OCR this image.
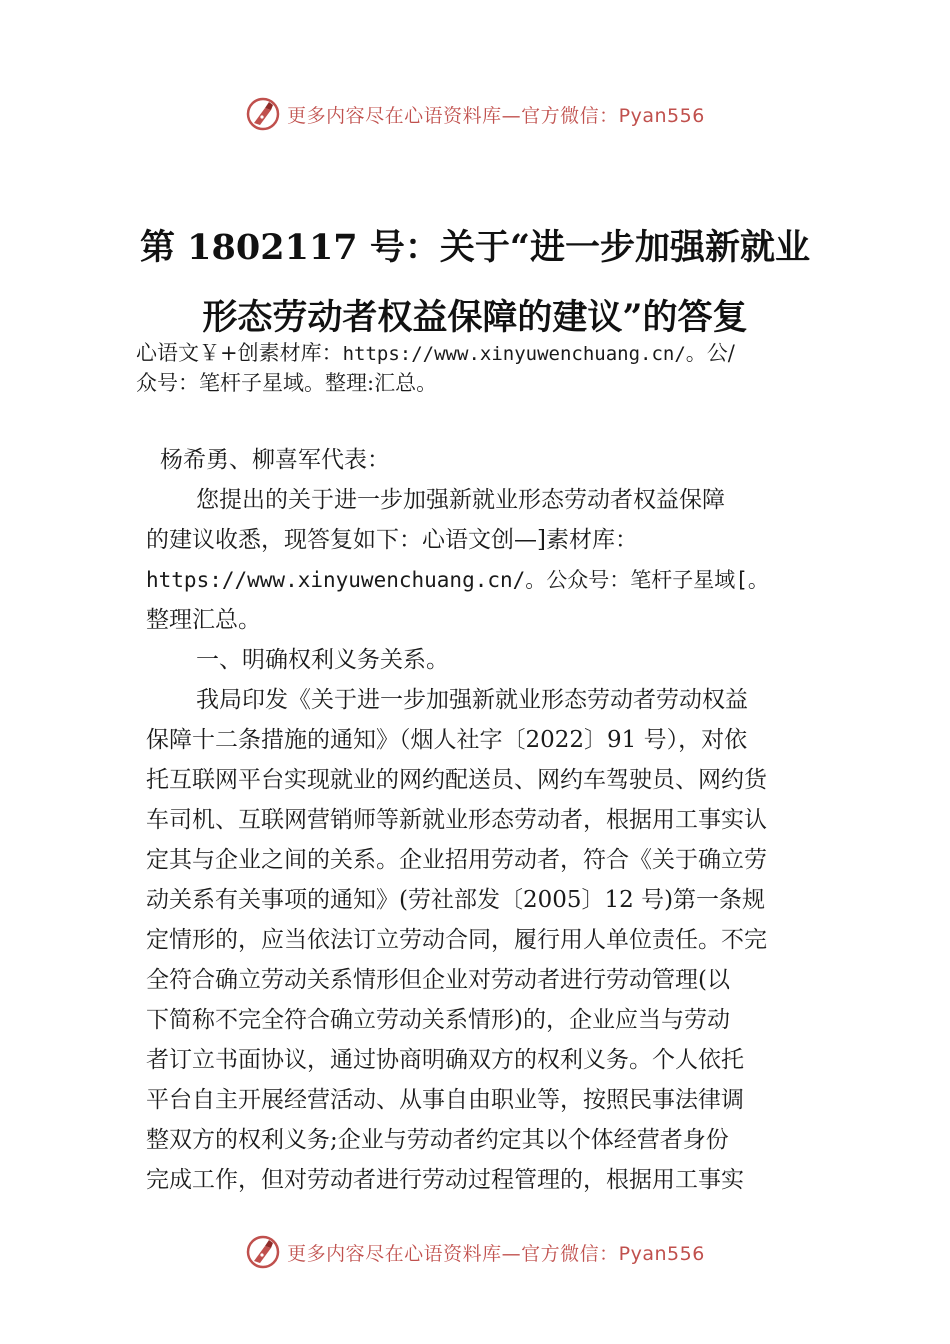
更多内容尽在心语资料库—官方微信：Pyan556
第 1802117 号：关于“进一步加强新就业
形态劳动者权益保障的建议”的答复
心语文￥+创素材库：https://www.xinyuwenchuang.cn/。公/
众号：笔杆子星域。整理:汇总。
杨希勇、柳喜军代表：
您提出的关于进一步加强新就业形态劳动者权益保障
的建议收悉，现答复如下：心语文创—]素材库：
https://www.xinyuwenchuang.cn/。公众号：笔杆子星域[。
整理汇总。
一、明确权利义务关系。
我局印发《关于进一步加强新就业形态劳动者劳动权益
保障十二条措施的通知》（烟人社字〔2022〕91 号），对依
托互联网平台实现就业的网约配送员、网约车驾驶员、网约货
车司机、互联网营销师等新就业形态劳动者，根据用工事实认
定其与企业之间的关系。企业招用劳动者，符合《关于确立劳
动关系有关事项的通知》(劳社部发〔2005〕12 号)第一条规
定情形的，应当依法订立劳动合同，履行用人单位责任。不完
全符合确立劳动关系情形但企业对劳动者进行劳动管理(以
下简称不完全符合确立劳动关系情形)的，企业应当与劳动
者订立书面协议，通过协商明确双方的权利义务。个人依托
平台自主开展经营活动、从事自由职业等，按照民事法律调
整双方的权利义务;企业与劳动者约定其以个体经营者身份
完成工作，但对劳动者进行劳动过程管理的，根据用工事实
更多内容尽在心语资料库—官方微信：Pyan556
